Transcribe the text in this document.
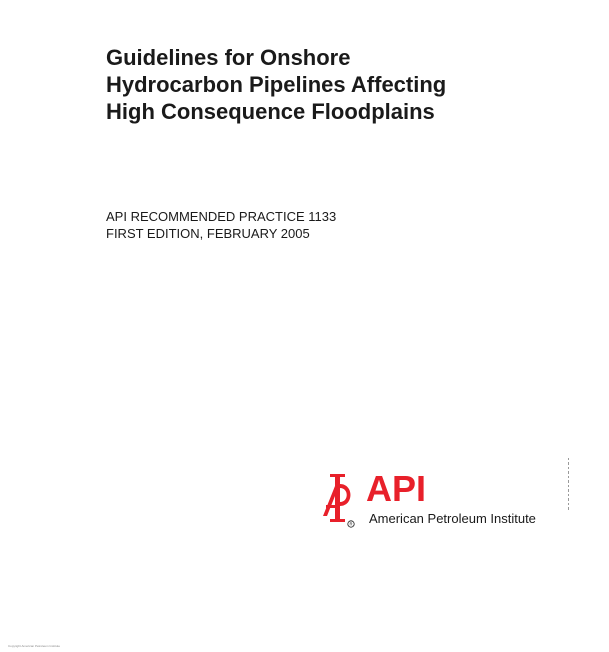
Guidelines for Onshore
Hydrocarbon Pipelines Affecting
High Consequence Floodplains
API RECOMMENDED PRACTICE 1133
FIRST EDITION, FEBRUARY 2005
R
API
American Petroleum Institute
Copyright American Petroleum Institute
